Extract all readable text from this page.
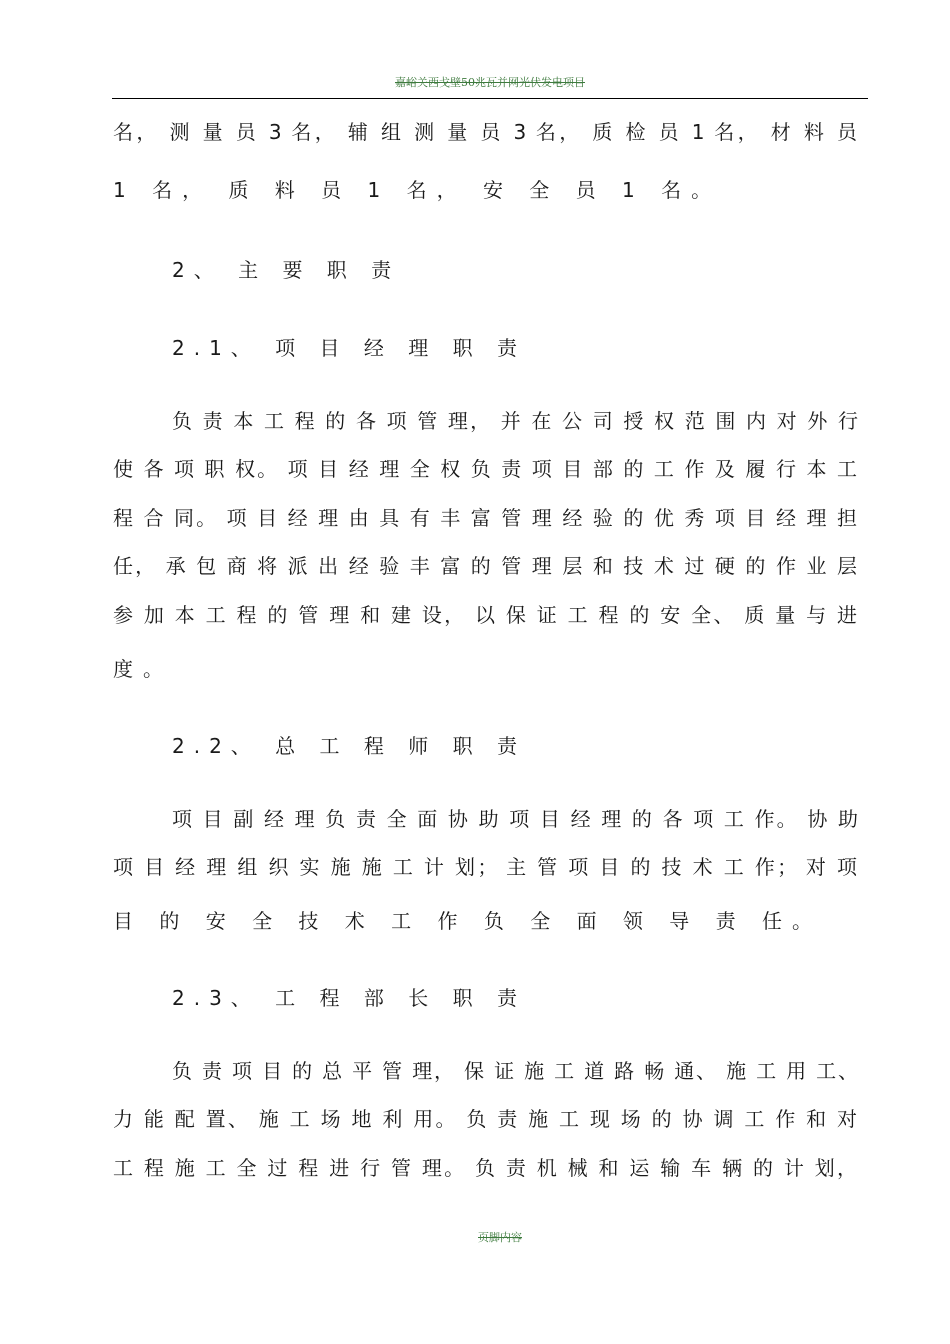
嘉峪关西戈壁50兆瓦并网光伏发电项目
名， 测 量 员 3 名， 辅 组 测 量 员 3 名， 质 检 员 1 名， 材 料 员
1 名， 质 料 员 1 名， 安 全 员 1 名。
2、 主 要 职 责
2.1、 项 目 经 理 职 责
负 责 本 工 程 的 各 项 管 理， 并 在 公 司 授 权 范 围 内 对 外 行
使 各 项 职 权。 项 目 经 理 全 权 负 责 项 目 部 的 工 作 及 履 行 本 工
程 合 同。 项 目 经 理 由 具 有 丰 富 管 理 经 验 的 优 秀 项 目 经 理 担
任， 承 包 商 将 派 出 经 验 丰 富 的 管 理 层 和 技 术 过 硬 的 作 业 层
参 加 本 工 程 的 管 理 和 建 设， 以 保 证 工 程 的 安 全、 质 量 与 进
度。
2.2、 总 工 程 师 职 责
项 目 副 经 理 负 责 全 面 协 助 项 目 经 理 的 各 项 工 作。 协 助
项 目 经 理 组 织 实 施 施 工 计 划； 主 管 项 目 的 技 术 工 作； 对 项
目 的 安 全 技 术 工 作 负 全 面 领 导 责 任。
2.3、 工 程 部 长 职 责
负 责 项 目 的 总 平 管 理， 保 证 施 工 道 路 畅 通、 施 工 用 工、
力 能 配 置、 施 工 场 地 利 用。 负 责 施 工 现 场 的 协 调 工 作 和 对
工 程 施 工 全 过 程 进 行 管 理。 负 责 机 械 和 运 输 车 辆 的 计 划，
页脚内容
